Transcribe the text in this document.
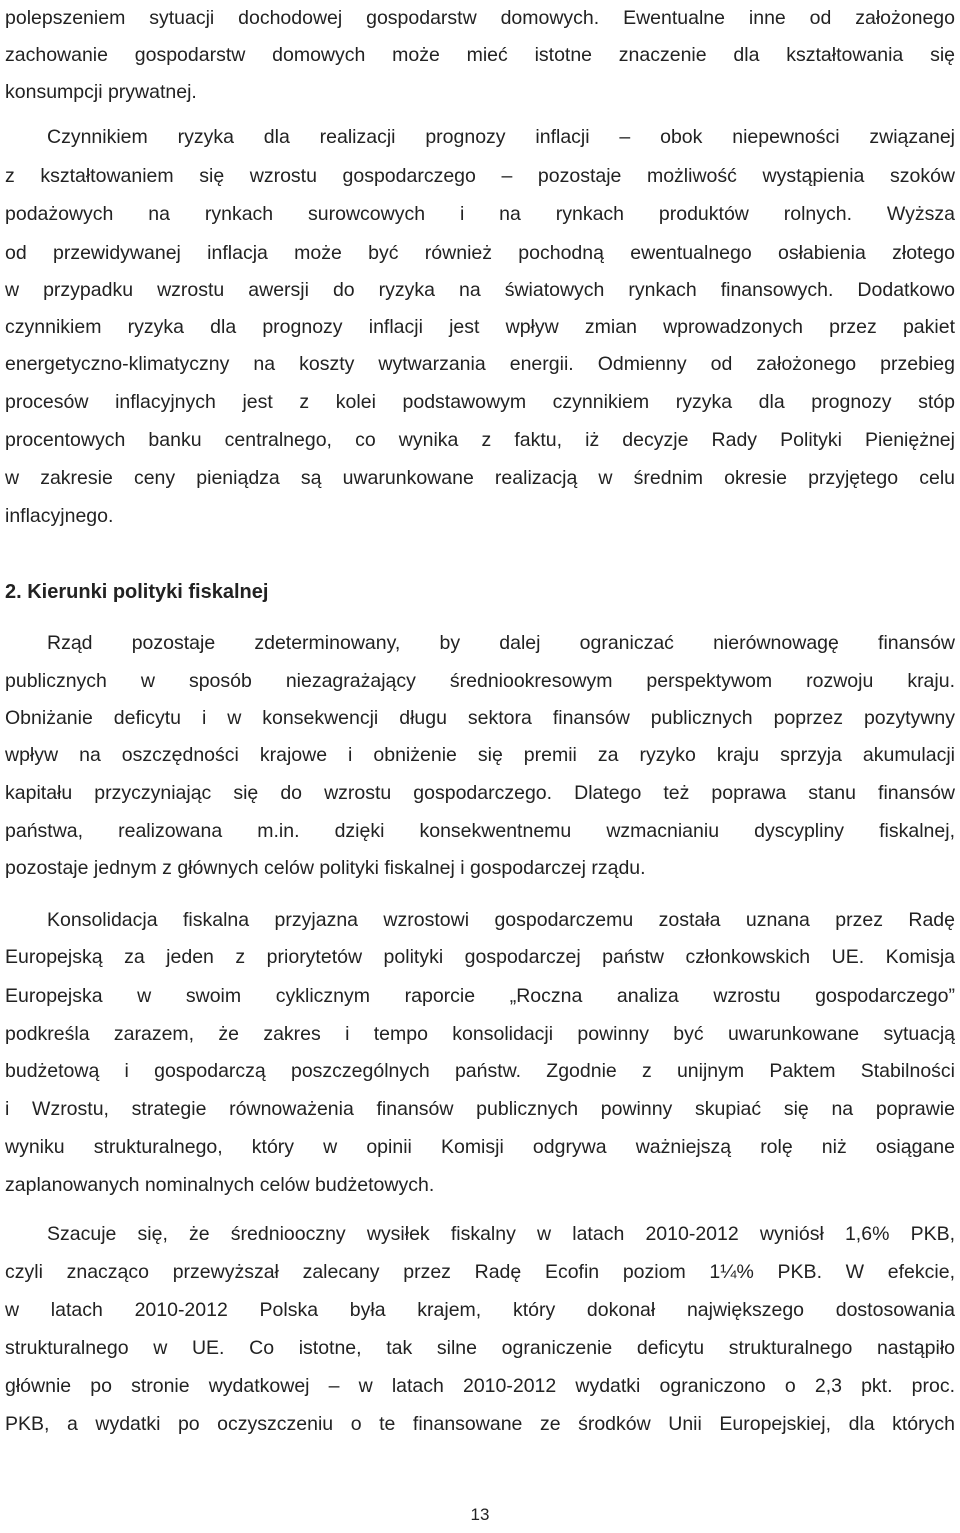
polepszeniem sytuacji dochodowej gospodarstw domowych. Ewentualne inne od założonego
zachowanie gospodarstw domowych może mieć istotne znaczenie dla kształtowania się
konsumpcji prywatnej.
Czynnikiem ryzyka dla realizacji prognozy inflacji – obok niepewności związanej
z kształtowaniem się wzrostu gospodarczego – pozostaje możliwość wystąpienia szoków
podażowych na rynkach surowcowych i na rynkach produktów rolnych. Wyższa
od przewidywanej inflacja może być również pochodną ewentualnego osłabienia złotego
w przypadku wzrostu awersji do ryzyka na światowych rynkach finansowych. Dodatkowo
czynnikiem ryzyka dla prognozy inflacji jest wpływ zmian wprowadzonych przez pakiet
energetyczno-klimatyczny na koszty wytwarzania energii. Odmienny od założonego przebieg
procesów inflacyjnych jest z kolei podstawowym czynnikiem ryzyka dla prognozy stóp
procentowych banku centralnego, co wynika z faktu, iż decyzje Rady Polityki Pieniężnej
w zakresie ceny pieniądza są uwarunkowane realizacją w średnim okresie przyjętego celu
inflacyjnego.
2. Kierunki polityki fiskalnej
Rząd pozostaje zdeterminowany, by dalej ograniczać nierównowagę finansów
publicznych w sposób niezagrażający średniookresowym perspektywom rozwoju kraju.
Obniżanie deficytu i w konsekwencji długu sektora finansów publicznych poprzez pozytywny
wpływ na oszczędności krajowe i obniżenie się premii za ryzyko kraju sprzyja akumulacji
kapitału przyczyniając się do wzrostu gospodarczego. Dlatego też poprawa stanu finansów
państwa, realizowana m.in. dzięki konsekwentnemu wzmacnianiu dyscypliny fiskalnej,
pozostaje jednym z głównych celów polityki fiskalnej i gospodarczej rządu.
Konsolidacja fiskalna przyjazna wzrostowi gospodarczemu została uznana przez Radę
Europejską za jeden z priorytetów polityki gospodarczej państw członkowskich UE. Komisja
Europejska w swoim cyklicznym raporcie „Roczna analiza wzrostu gospodarczego”
podkreśla zarazem, że zakres i tempo konsolidacji powinny być uwarunkowane sytuacją
budżetową i gospodarczą poszczególnych państw. Zgodnie z unijnym Paktem Stabilności
i Wzrostu, strategie równoważenia finansów publicznych powinny skupiać się na poprawie
wyniku strukturalnego, który w opinii Komisji odgrywa ważniejszą rolę niż osiągane
zaplanowanych nominalnych celów budżetowych.
Szacuje się, że średniooczny wysiłek fiskalny w latach 2010-2012 wyniósł 1,6% PKB,
czyli znacząco przewyższał zalecany przez Radę Ecofin poziom 1¼% PKB. W efekcie,
w latach 2010-2012 Polska była krajem, który dokonał największego dostosowania
strukturalnego w UE. Co istotne, tak silne ograniczenie deficytu strukturalnego nastąpiło
głównie po stronie wydatkowej – w latach 2010-2012 wydatki ograniczono o 2,3 pkt. proc.
PKB, a wydatki po oczyszczeniu o te finansowane ze środków Unii Europejskiej, dla których
13
